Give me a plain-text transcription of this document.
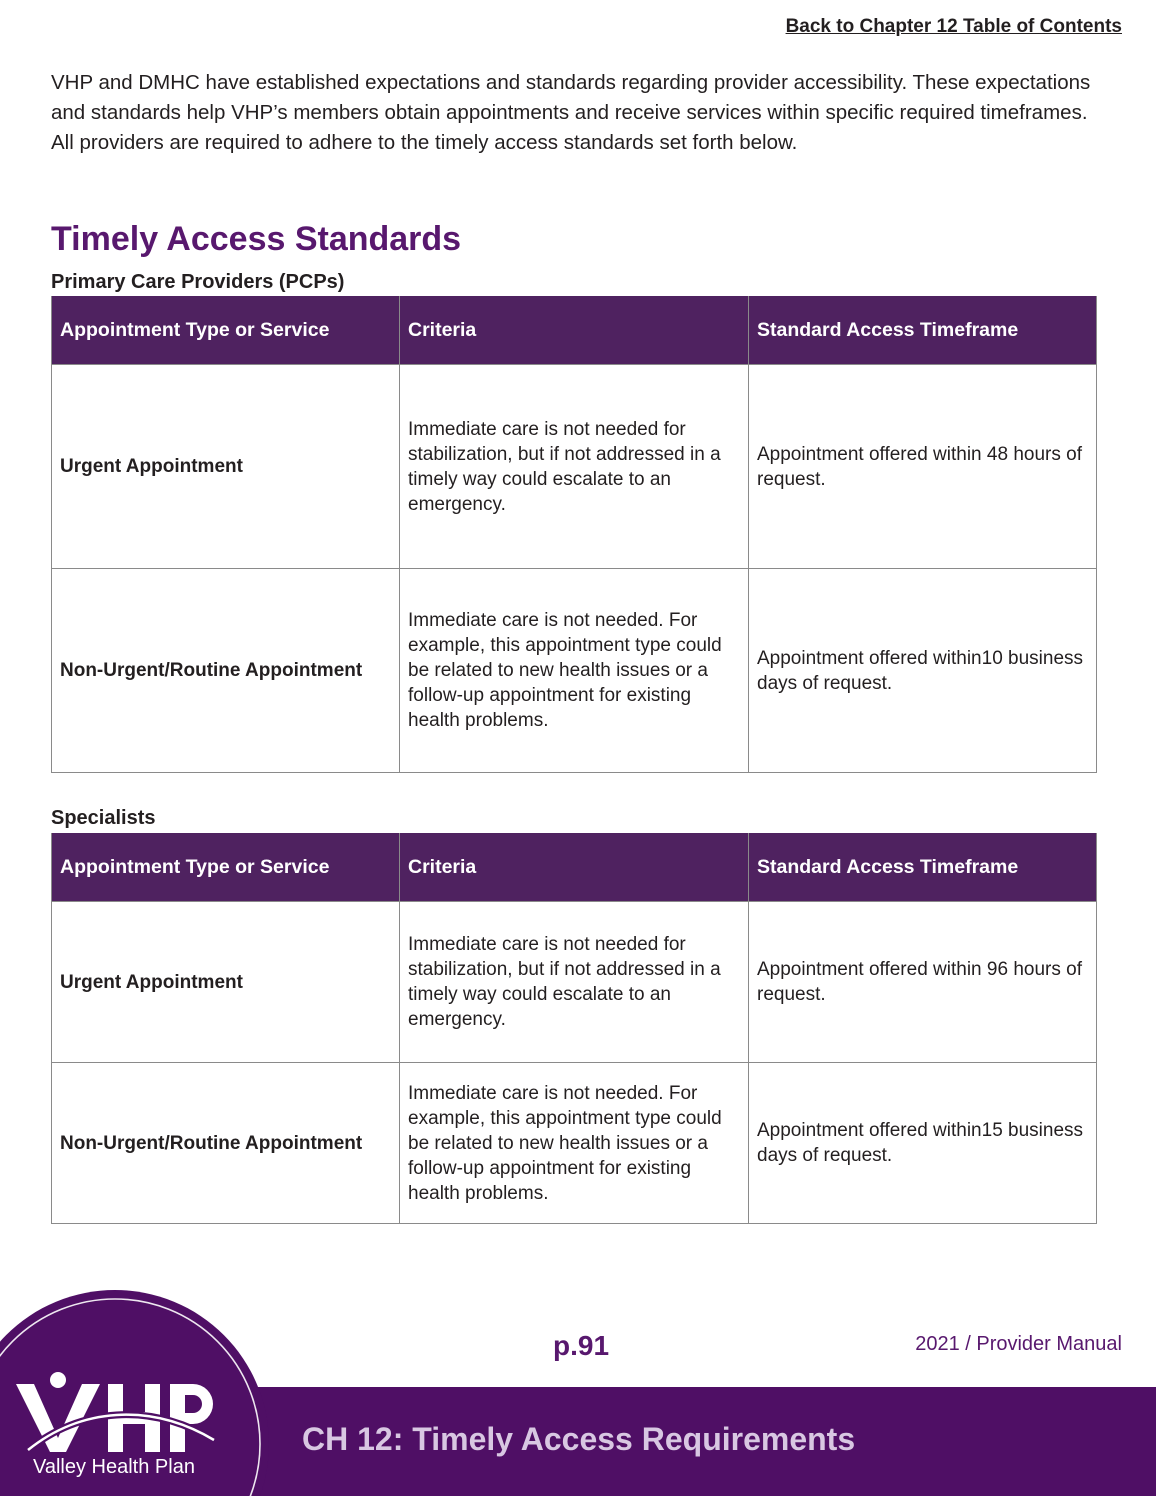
Back to Chapter 12 Table of Contents

VHP and DMHC have established expectations and standards regarding provider accessibility. These expectations and standards help VHP’s members obtain appointments and receive services within specific required timeframes. All providers are required to adhere to the timely access standards set forth below.

Timely Access Standards
Primary Care Providers (PCPs)
Appointment Type or Service	Criteria	Standard Access Timeframe
Urgent Appointment	Immediate care is not needed for stabilization, but if not addressed in a timely way could escalate to an emergency.	Appointment offered within 48 hours of request.
Non-Urgent/Routine Appointment	Immediate care is not needed. For example, this appointment type could be related to new health issues or a follow-up appointment for existing health problems.	Appointment offered within10 business days of request.
Specialists
Appointment Type or Service	Criteria	Standard Access Timeframe
Urgent Appointment	Immediate care is not needed for stabilization, but if not addressed in a timely way could escalate to an emergency.	Appointment offered within 96 hours of request.
Non-Urgent/Routine Appointment	Immediate care is not needed. For example, this appointment type could be related to new health issues or a follow-up appointment for existing health problems.	Appointment offered within15 business days of request.
p.91	2021 / Provider Manual
CH 12: Timely Access Requirements
Valley Health Plan
